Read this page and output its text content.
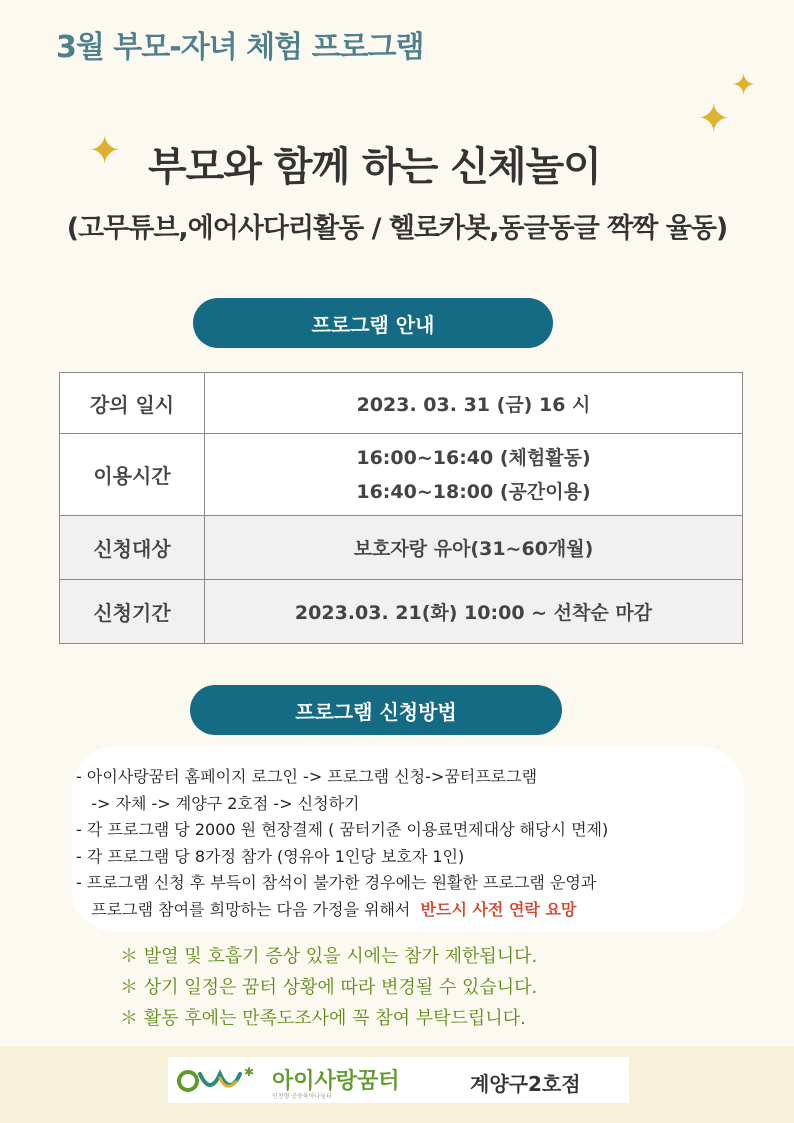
3월 부모-자녀 체험 프로그램
✦
✦
✦ 부모와 함께 하는 신체놀이
(고무튜브,에어사다리활동 / 헬로카봇,동글동글 짝짝 율동)
프로그램 안내
강의 일시	2023. 03. 31 (금) 16 시
이용시간	16:00~16:40 (체험활동)
16:40~18:00 (공간이용)

신청대상	보호자랑 유아(31~60개월)
신청기간	2023.03. 21(화) 10:00 ~ 선착순 마감
프로그램 신청방법
- 아이사랑꿈터 홈페이지 로그인 -> 프로그램 신청->꿈터프로그램
-> 자체 -> 계양구 2호점 -> 신청하기
- 각 프로그램 당 2000 원 현장결제 ( 꿈터기준 이용료면제대상 해당시 면제)
- 각 프로그램 당 8가정 참가 (영유아 1인당 보호자 1인)
- 프로그램 신청 후 부득이 참석이 불가한 경우에는 원활한 프로그램 운영과
프로그램 참여를 희망하는 다음 가정을 위해서  반드시 사전 연락 요망
＊ 발열 및 호흡기 증상 있을 시에는 참가 제한됩니다.
＊ 상기 일정은 꿈터 상황에 따라 변경될 수 있습니다.
＊ 활동 후에는 만족도조사에 꼭 참여 부탁드립니다.
✱ 아이사랑꿈터
인천형 공동육아나눔터
계양구2호점
